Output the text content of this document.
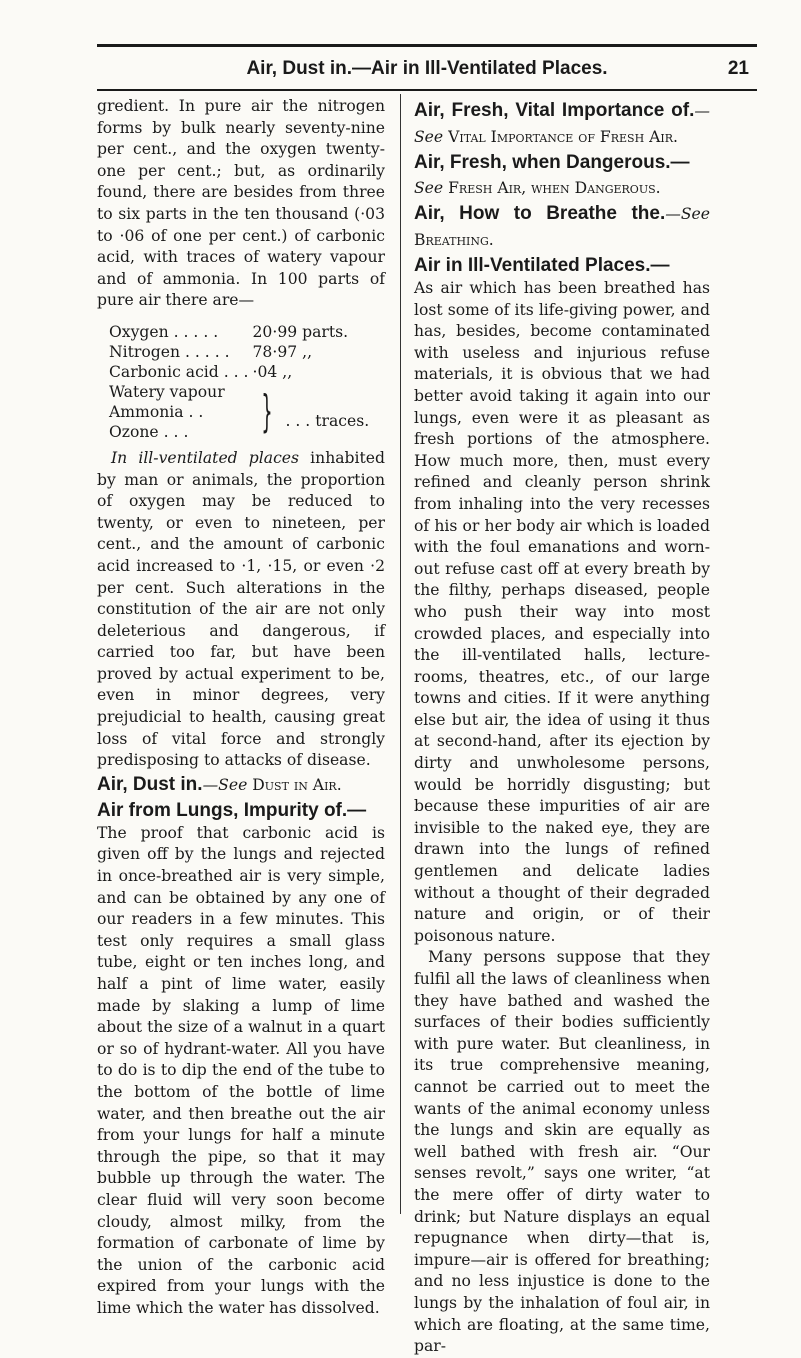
Air, Dust in.—Air in Ill-Ventilated Places.	21

gredient. In pure air the nitrogen forms by bulk nearly seventy-nine per cent., and the oxygen twenty-one per cent.; but, as ordinarily found, there are besides from three to six parts in the ten thousand (·03 to ·06 of one per cent.) of carbonic acid, with traces of watery vapour and of ammonia. In 100 parts of pure air there are—

Oxygen . . . . .	20·99 parts.
Nitrogen . . . . .	78·97 ,,
Carbonic acid . . .	·04 ,,

Watery vapour
Ammonia . .
Ozone . . .	} . . . traces.

In ill-ventilated places inhabited by man or animals, the proportion of oxygen may be reduced to twenty, or even to nineteen, per cent., and the amount of carbonic acid increased to ·1, ·15, or even ·2 per cent. Such alterations in the constitution of the air are not only deleterious and dangerous, if carried too far, but have been proved by actual experiment to be, even in minor degrees, very prejudicial to health, causing great loss of vital force and strongly predisposing to attacks of disease.

Air, Dust in.—See Dust in Air.

Air from Lungs, Impurity of.—

The proof that carbonic acid is given off by the lungs and rejected in once-breathed air is very simple, and can be obtained by any one of our readers in a few minutes. This test only requires a small glass tube, eight or ten inches long, and half a pint of lime water, easily made by slaking a lump of lime about the size of a walnut in a quart or so of hydrant-water. All you have to do is to dip the end of the tube to the bottom of the bottle of lime water, and then breathe out the air from your lungs for half a minute through the pipe, so that it may bubble up through the water. The clear fluid will very soon become cloudy, almost milky, from the formation of carbonate of lime by the union of the carbonic acid expired from your lungs with the lime which the water has dissolved.

Air, Fresh, Vital Importance of.—See Vital Importance of Fresh Air.

Air, Fresh, when Dangerous.—
See Fresh Air, when Dangerous.

Air, How to Breathe the.—See Breathing.

Air in Ill-Ventilated Places.—

As air which has been breathed has lost some of its life-giving power, and has, besides, become contaminated with useless and injurious refuse materials, it is obvious that we had better avoid taking it again into our lungs, even were it as pleasant as fresh portions of the atmosphere. How much more, then, must every refined and cleanly person shrink from inhaling into the very recesses of his or her body air which is loaded with the foul emanations and worn-out refuse cast off at every breath by the filthy, perhaps diseased, people who push their way into most crowded places, and especially into the ill-ventilated halls, lecture-rooms, theatres, etc., of our large towns and cities. If it were anything else but air, the idea of using it thus at second-hand, after its ejection by dirty and unwholesome persons, would be horridly disgusting; but because these impurities of air are invisible to the naked eye, they are drawn into the lungs of refined gentlemen and delicate ladies without a thought of their degraded nature and origin, or of their poisonous nature.

Many persons suppose that they fulfil all the laws of cleanliness when they have bathed and washed the surfaces of their bodies sufficiently with pure water. But cleanliness, in its true comprehensive meaning, cannot be carried out to meet the wants of the animal economy unless the lungs and skin are equally as well bathed with fresh air. “Our senses revolt,” says one writer, “at the mere offer of dirty water to drink; but Nature displays an equal repugnance when dirty—that is, impure—air is offered for breathing; and no less injustice is done to the lungs by the inhalation of foul air, in which are floating, at the same time, par-
